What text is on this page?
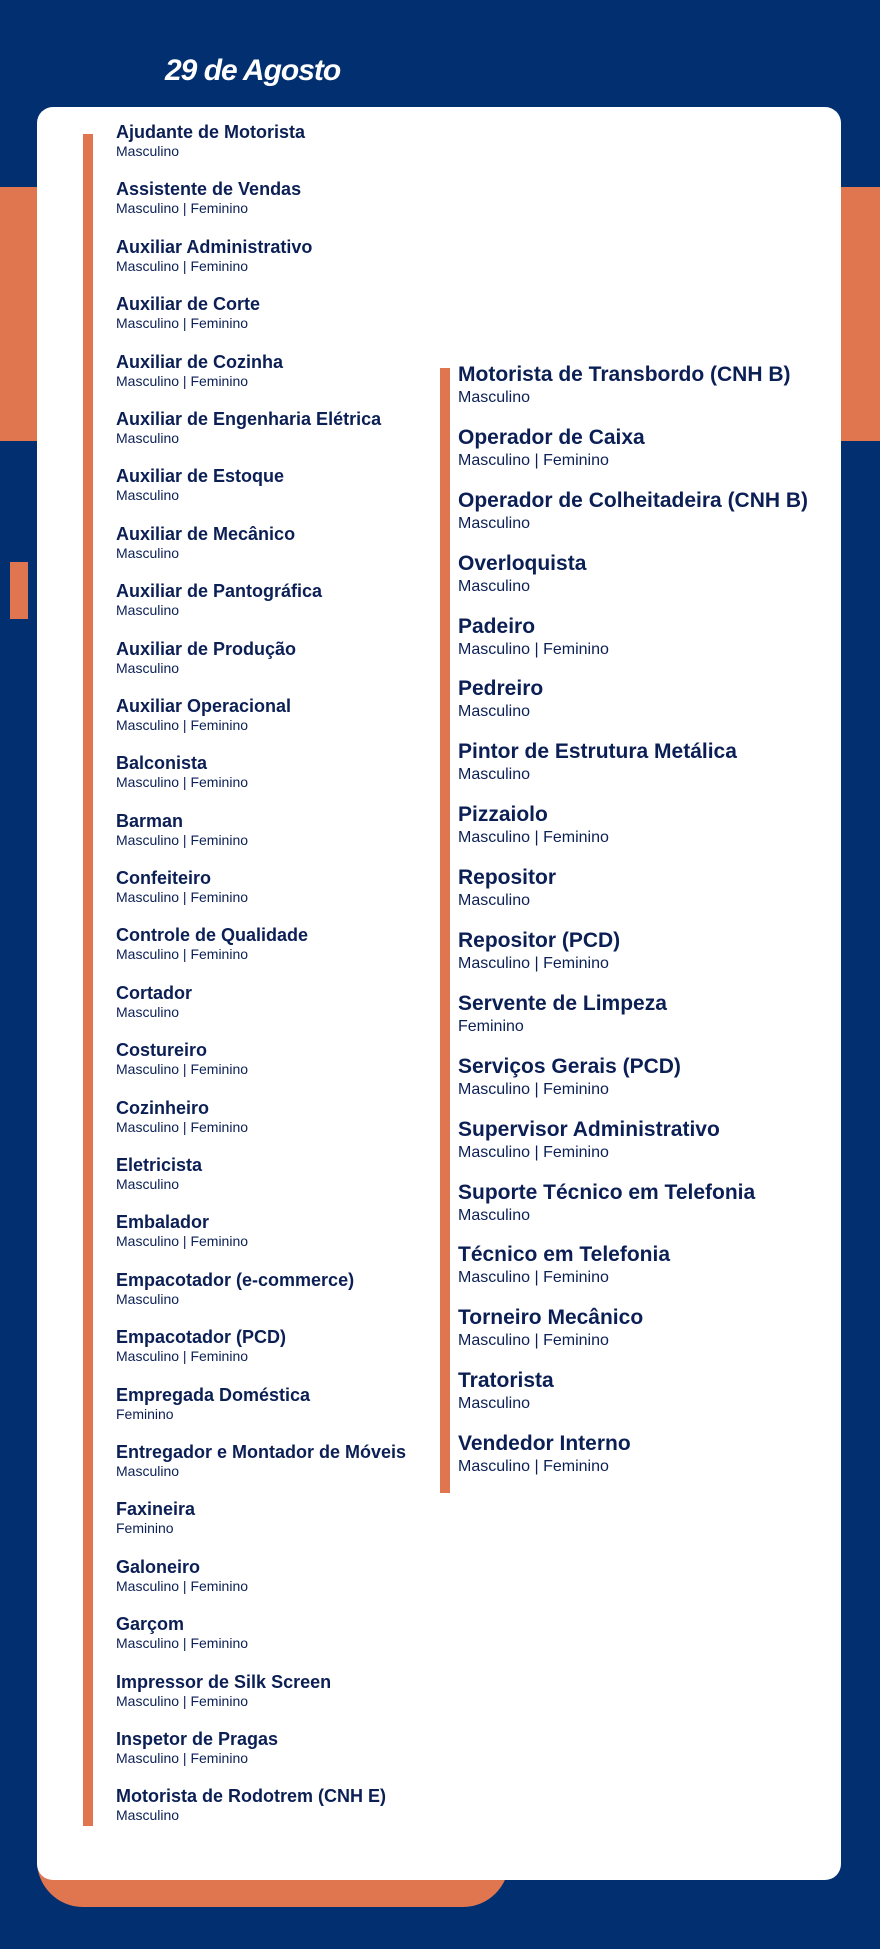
29 de Agosto
Ajudante de Motorista
Masculino
Assistente de Vendas
Masculino | Feminino
Auxiliar Administrativo
Masculino | Feminino
Auxiliar de Corte
Masculino | Feminino
Auxiliar de Cozinha
Masculino | Feminino
Auxiliar de Engenharia Elétrica
Masculino
Auxiliar de Estoque
Masculino
Auxiliar de Mecânico
Masculino
Auxiliar de Pantográfica
Masculino
Auxiliar de Produção
Masculino
Auxiliar Operacional
Masculino | Feminino
Balconista
Masculino | Feminino
Barman
Masculino | Feminino
Confeiteiro
Masculino | Feminino
Controle de Qualidade
Masculino | Feminino
Cortador
Masculino
Costureiro
Masculino | Feminino
Cozinheiro
Masculino | Feminino
Eletricista
Masculino
Embalador
Masculino | Feminino
Empacotador (e-commerce)
Masculino
Empacotador (PCD)
Masculino | Feminino
Empregada Doméstica
Feminino
Entregador e Montador de Móveis
Masculino
Faxineira
Feminino
Galoneiro
Masculino | Feminino
Garçom
Masculino | Feminino
Impressor de Silk Screen
Masculino | Feminino
Inspetor de Pragas
Masculino | Feminino
Motorista de Rodotrem (CNH E)
Masculino
Motorista de Transbordo (CNH B)
Masculino
Operador de Caixa
Masculino | Feminino
Operador de Colheitadeira (CNH B)
Masculino
Overloquista
Masculino
Padeiro
Masculino | Feminino
Pedreiro
Masculino
Pintor de Estrutura Metálica
Masculino
Pizzaiolo
Masculino | Feminino
Repositor
Masculino
Repositor (PCD)
Masculino | Feminino
Servente de Limpeza
Feminino
Serviços Gerais (PCD)
Masculino | Feminino
Supervisor Administrativo
Masculino | Feminino
Suporte Técnico em Telefonia
Masculino
Técnico em Telefonia
Masculino | Feminino
Torneiro Mecânico
Masculino | Feminino
Tratorista
Masculino
Vendedor Interno
Masculino | Feminino
